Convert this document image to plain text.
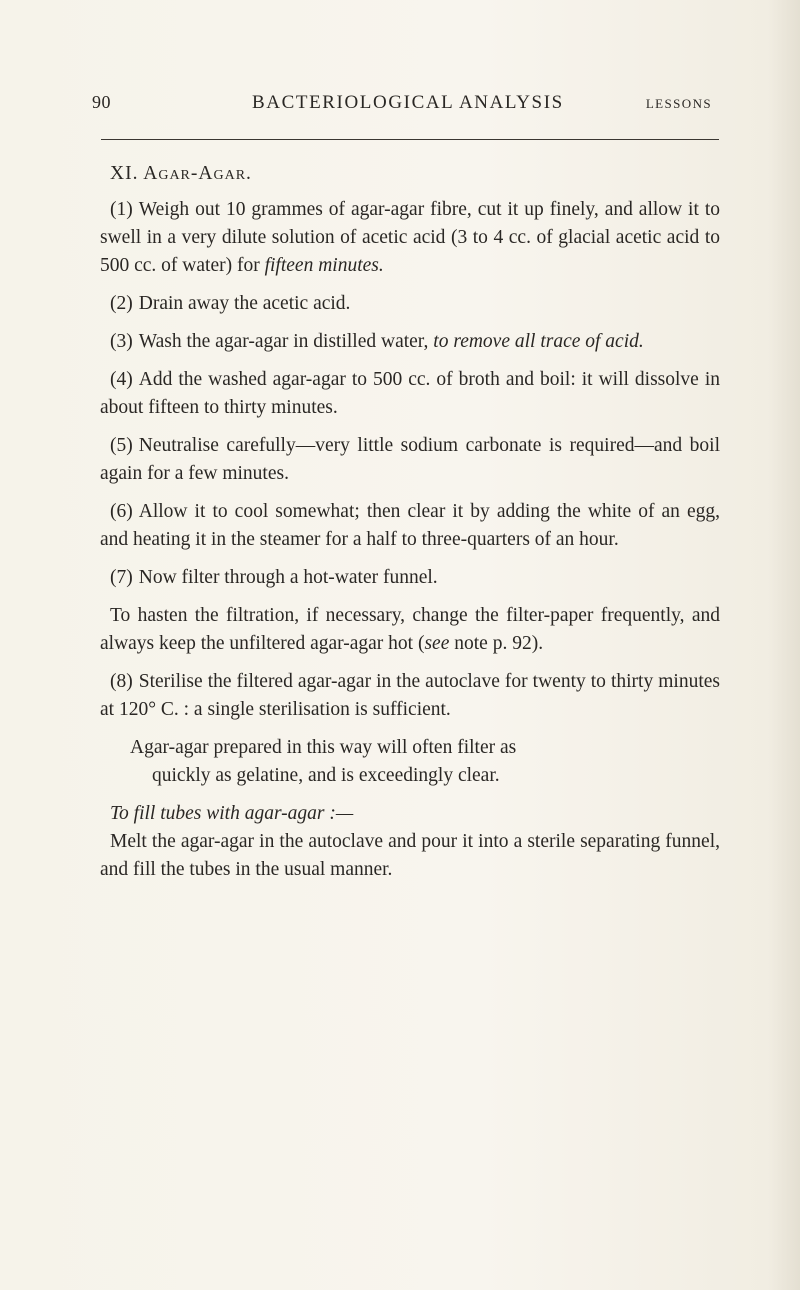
90	BACTERIOLOGICAL ANALYSIS	LESSONS
XI. Agar-Agar.

(1) Weigh out 10 grammes of agar-agar fibre, cut it up finely, and allow it to swell in a very dilute solution of acetic acid (3 to 4 cc. of glacial acetic acid to 500 cc. of water) for fifteen minutes.

(2) Drain away the acetic acid.

(3) Wash the agar-agar in distilled water, to remove all trace of acid.

(4) Add the washed agar-agar to 500 cc. of broth and boil: it will dissolve in about fifteen to thirty minutes.

(5) Neutralise carefully—very little sodium carbonate is required—and boil again for a few minutes.

(6) Allow it to cool somewhat; then clear it by adding the white of an egg, and heating it in the steamer for a half to three-quarters of an hour.

(7) Now filter through a hot-water funnel.

To hasten the filtration, if necessary, change the filter-paper frequently, and always keep the unfiltered agar-agar hot (see note p. 92).

(8) Sterilise the filtered agar-agar in the autoclave for twenty to thirty minutes at 120° C. : a single sterilisation is sufficient.

Agar-agar prepared in this way will often filter as
quickly as gelatine, and is exceedingly clear.

To fill tubes with agar-agar :—

Melt the agar-agar in the autoclave and pour it into a sterile separating funnel, and fill the tubes in the usual manner.
